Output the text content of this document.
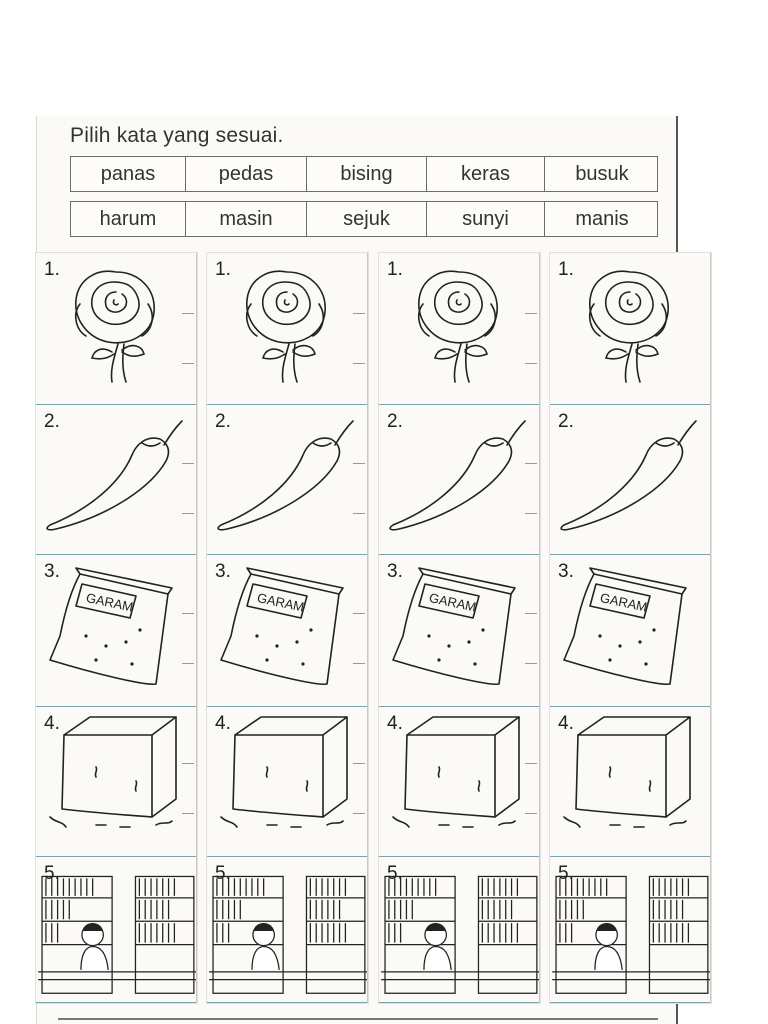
Pilih kata yang sesuai.
panas	pedas	bising	keras	busuk
harum	masin	sejuk	sunyi	manis
1.
2.
GARAM
3.
4.
5.
1.
2.
GARAM
3.
4.
5.
1.
2.
GARAM
3.
4.
5.
1.
2.
GARAM
3.
4.
5.
